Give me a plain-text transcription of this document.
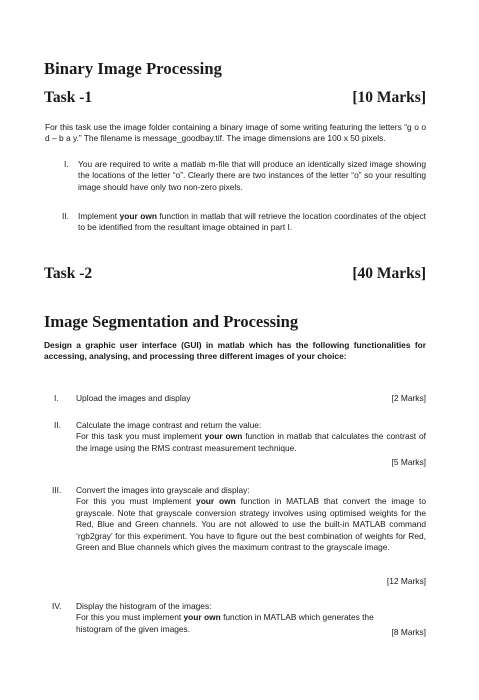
Binary Image Processing
Task -1	[10 Marks]
For this task use the image folder containing a binary image of some writing featuring the letters “g o o d – b a y.” The filename is message_goodbay.tif. The image dimensions are 100 x 50 pixels.
I. You are required to write a matlab m-file that will produce an identically sized image showing the locations of the letter “o”. Clearly there are two instances of the letter “o” so your resulting image should have only two non-zero pixels.
II. Implement your own function in matlab that will retrieve the location coordinates of the object to be identified from the resultant image obtained in part I.
Task -2	[40 Marks]
Image Segmentation and Processing
Design a graphic user interface (GUI) in matlab which has the following functionalities for accessing, analysing, and processing three different images of your choice:
I. Upload the images and display	[2 Marks]
II. Calculate the image contrast and return the value:
For this task you must implement your own function in matlab that calculates the contrast of the image using the RMS contrast measurement technique.
[5 Marks]
III. Convert the images into grayscale and display:
For this you must implement your own function in MATLAB that convert the image to grayscale. Note that grayscale conversion strategy involves using optimised weights for the Red, Blue and Green channels. You are not allowed to use the built-in MATLAB command ‘rgb2gray’ for this experiment. You have to figure out the best combination of weights for Red, Green and Blue channels which gives the maximum contrast to the grayscale image.
[12 Marks]
IV. Display the histogram of the images:
For this you must implement your own function in MATLAB which generates the histogram of the given images.	[8 Marks]
